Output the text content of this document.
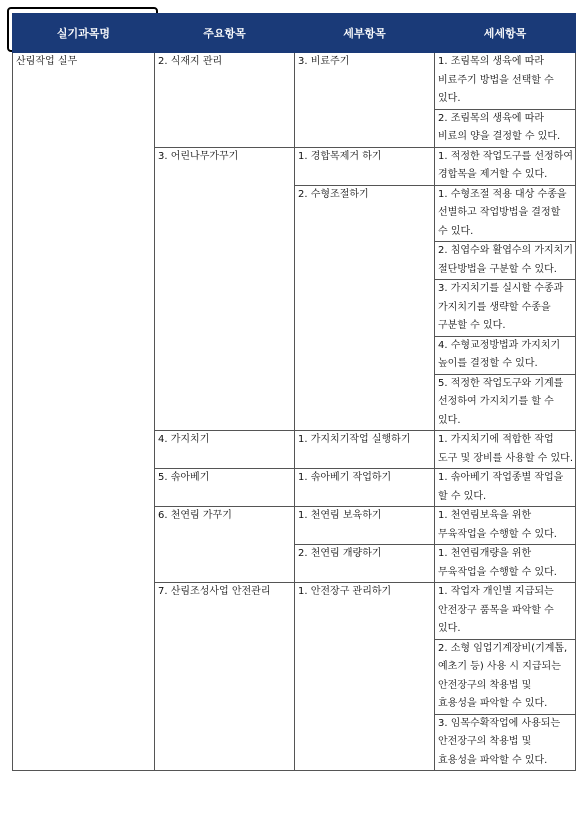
실기과목명	주요항목	세부항목	세세항목
산림작업 실무	2. 식재지 관리	3. 비료주기	1. 조림목의 생육에 따라 비료주기 방법을 선택할 수 있다.
			2. 조림목의 생육에 따라 비료의 양을 결정할 수 있다.
	3. 어린나무가꾸기	1. 경합목제거 하기	1. 적정한 작업도구를 선정하여 경합목을 제거할 수 있다.
		2. 수형조절하기	1. 수형조절 적용 대상 수종을 선별하고 작업방법을 결정할 수 있다.
			2. 침엽수와 활엽수의 가지치기 절단방법을 구분할 수 있다.
			3. 가지치기를 실시할 수종과 가지치기를 생략할 수종을 구분할 수 있다.
			4. 수형교정방법과 가지치기 높이를 결정할 수 있다.
			5. 적정한 작업도구와 기계를 선정하여 가지치기를 할 수 있다.
	4. 가지치기	1. 가지치기작업 실행하기	1. 가지치기에 적합한 작업 도구 및 장비를 사용할 수 있다.
	5. 솎아베기	1. 솎아베기 작업하기	1. 솎아베기 작업종별 작업을 할 수 있다.
	6. 천연림 가꾸기	1. 천연림 보육하기	1. 천연림보육을 위한 무육작업을 수행할 수 있다.
		2. 천연림 개량하기	1. 천연림개량을 위한 무육작업을 수행할 수 있다.
	7. 산림조성사업 안전관리	1. 안전장구 관리하기	1. 작업자 개인별 지급되는 안전장구 품목을 파악할 수 있다.
			2. 소형 임업기계장비(기계톱, 예초기 등) 사용 시 지급되는 안전장구의 착용법 및 효용성을 파악할 수 있다.
			3. 임목수확작업에 사용되는 안전장구의 착용법 및 효용성을 파악할 수 있다.
